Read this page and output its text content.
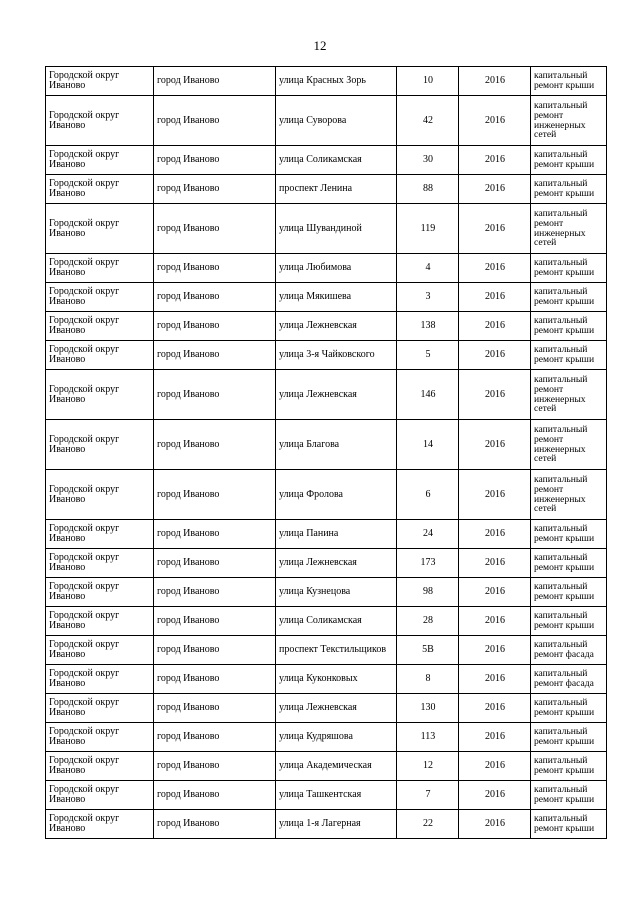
12
Городской округ Иваново	город Иваново	улица Красных Зорь	10	2016	капитальный ремонт крыши
Городской округ Иваново	город Иваново	улица Суворова	42	2016	капитальный ремонт инженерных сетей
Городской округ Иваново	город Иваново	улица Соликамская	30	2016	капитальный ремонт крыши
Городской округ Иваново	город Иваново	проспект Ленина	88	2016	капитальный ремонт крыши
Городской округ Иваново	город Иваново	улица Шувандиной	119	2016	капитальный ремонт инженерных сетей
Городской округ Иваново	город Иваново	улица Любимова	4	2016	капитальный ремонт крыши
Городской округ Иваново	город Иваново	улица Мякишева	3	2016	капитальный ремонт крыши
Городской округ Иваново	город Иваново	улица Лежневская	138	2016	капитальный ремонт крыши
Городской округ Иваново	город Иваново	улица 3-я Чайковского	5	2016	капитальный ремонт крыши
Городской округ Иваново	город Иваново	улица Лежневская	146	2016	капитальный ремонт инженерных сетей
Городской округ Иваново	город Иваново	улица Благова	14	2016	капитальный ремонт инженерных сетей
Городской округ Иваново	город Иваново	улица Фролова	6	2016	капитальный ремонт инженерных сетей
Городской округ Иваново	город Иваново	улица Панина	24	2016	капитальный ремонт крыши
Городской округ Иваново	город Иваново	улица Лежневская	173	2016	капитальный ремонт крыши
Городской округ Иваново	город Иваново	улица Кузнецова	98	2016	капитальный ремонт крыши
Городской округ Иваново	город Иваново	улица Соликамская	28	2016	капитальный ремонт крыши
Городской округ Иваново	город Иваново	проспект Текстильщиков	5В	2016	капитальный ремонт фасада
Городской округ Иваново	город Иваново	улица Куконковых	8	2016	капитальный ремонт фасада
Городской округ Иваново	город Иваново	улица Лежневская	130	2016	капитальный ремонт крыши
Городской округ Иваново	город Иваново	улица Кудряшова	113	2016	капитальный ремонт крыши
Городской округ Иваново	город Иваново	улица Академическая	12	2016	капитальный ремонт крыши
Городской округ Иваново	город Иваново	улица Ташкентская	7	2016	капитальный ремонт крыши
Городской округ Иваново	город Иваново	улица 1-я Лагерная	22	2016	капитальный ремонт крыши
